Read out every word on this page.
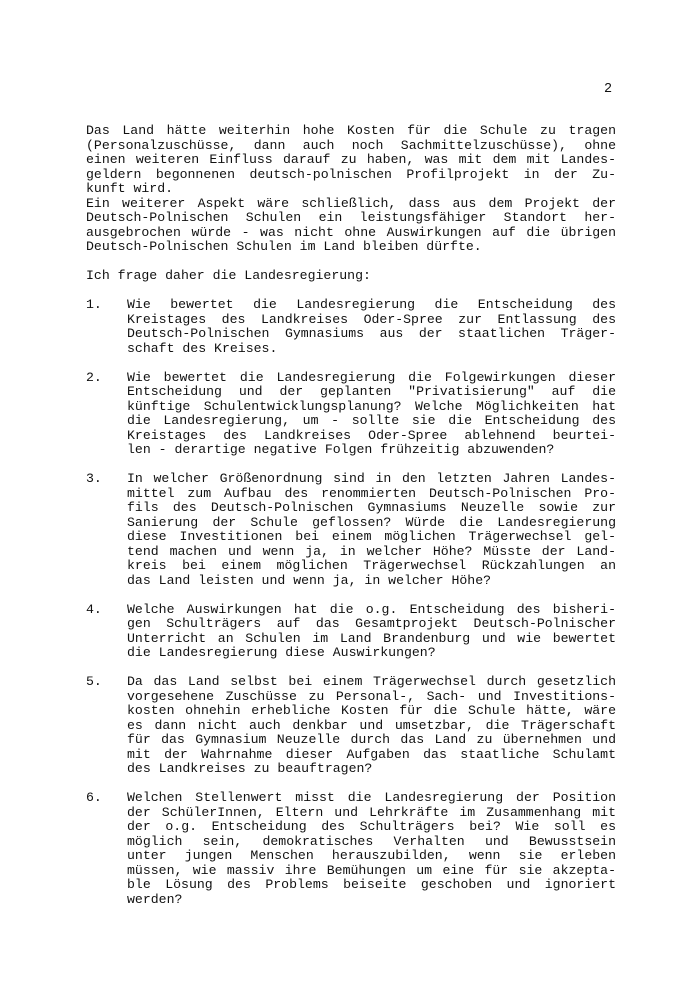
2
Das Land hätte weiterhin hohe Kosten für die Schule zu tragen
(Personalzuschüsse, dann auch noch Sachmittelzuschüsse), ohne
einen weiteren Einfluss darauf zu haben, was mit dem mit Landes-
geldern begonnenen deutsch-polnischen Profilprojekt in der Zu-
kunft wird.
Ein weiterer Aspekt wäre schließlich, dass aus dem Projekt der
Deutsch-Polnischen Schulen ein leistungsfähiger Standort her-
ausgebrochen würde - was nicht ohne Auswirkungen auf die übrigen
Deutsch-Polnischen Schulen im Land bleiben dürfte.
Ich frage daher die Landesregierung:
1. Wie bewertet die Landesregierung die Entscheidung des
Kreistages des Landkreises Oder-Spree zur Entlassung des
Deutsch-Polnischen Gymnasiums aus der staatlichen Träger-
schaft des Kreises.
2. Wie bewertet die Landesregierung die Folgewirkungen dieser
Entscheidung und der geplanten "Privatisierung" auf die
künftige Schulentwicklungsplanung? Welche Möglichkeiten hat
die Landesregierung, um - sollte sie die Entscheidung des
Kreistages des Landkreises Oder-Spree ablehnend beurtei-
len - derartige negative Folgen frühzeitig abzuwenden?
3. In welcher Größenordnung sind in den letzten Jahren Landes-
mittel zum Aufbau des renommierten Deutsch-Polnischen Pro-
fils des Deutsch-Polnischen Gymnasiums Neuzelle sowie zur
Sanierung der Schule geflossen? Würde die Landesregierung
diese Investitionen bei einem möglichen Trägerwechsel gel-
tend machen und wenn ja, in welcher Höhe? Müsste der Land-
kreis bei einem möglichen Trägerwechsel Rückzahlungen an
das Land leisten und wenn ja, in welcher Höhe?
4. Welche Auswirkungen hat die o.g. Entscheidung des bisheri-
gen Schulträgers auf das Gesamtprojekt Deutsch-Polnischer
Unterricht an Schulen im Land Brandenburg und wie bewertet
die Landesregierung diese Auswirkungen?
5. Da das Land selbst bei einem Trägerwechsel durch gesetzlich
vorgesehene Zuschüsse zu Personal-, Sach- und Investitions-
kosten ohnehin erhebliche Kosten für die Schule hätte, wäre
es dann nicht auch denkbar und umsetzbar, die Trägerschaft
für das Gymnasium Neuzelle durch das Land zu übernehmen und
mit der Wahrnahme dieser Aufgaben das staatliche Schulamt
des Landkreises zu beauftragen?
6. Welchen Stellenwert misst die Landesregierung der Position
der SchülerInnen, Eltern und Lehrkräfte im Zusammenhang mit
der o.g. Entscheidung des Schulträgers bei? Wie soll es
möglich sein, demokratisches Verhalten und Bewusstsein
unter jungen Menschen herauszubilden, wenn sie erleben
müssen, wie massiv ihre Bemühungen um eine für sie akzepta-
ble Lösung des Problems beiseite geschoben und ignoriert
werden?
